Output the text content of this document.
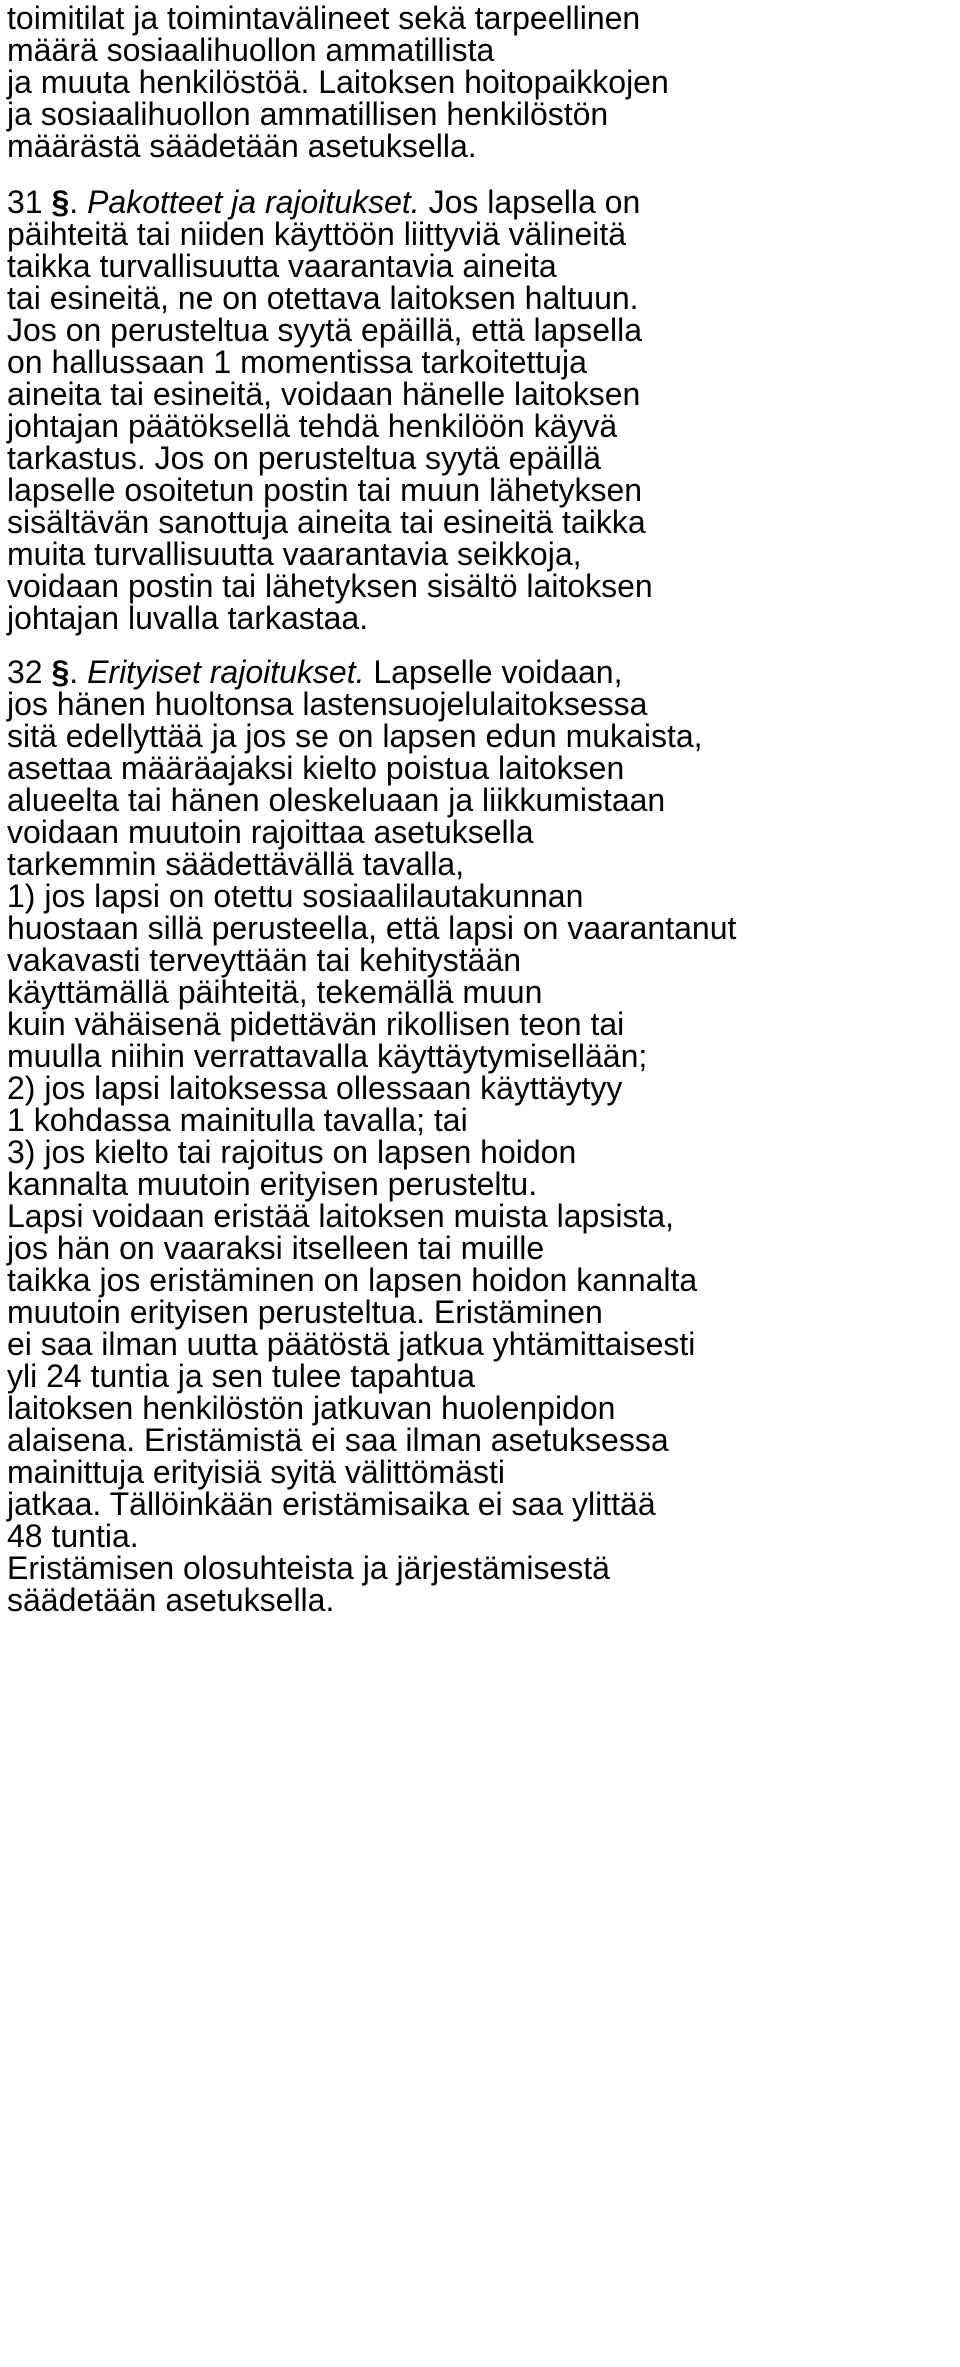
toimitilat ja toimintavälineet sekä tarpeellinen
määrä sosiaalihuollon ammatillista
ja muuta henkilöstöä. Laitoksen hoitopaikkojen
ja sosiaalihuollon ammatillisen henkilöstön
määrästä säädetään asetuksella.
31 §. Pakotteet ja rajoitukset. Jos lapsella on
päihteitä tai niiden käyttöön liittyviä välineitä
taikka turvallisuutta vaarantavia aineita
tai esineitä, ne on otettava laitoksen haltuun.
Jos on perusteltua syytä epäillä, että lapsella
on hallussaan 1 momentissa tarkoitettuja
aineita tai esineitä, voidaan hänelle laitoksen
johtajan päätöksellä tehdä henkilöön käyvä
tarkastus. Jos on perusteltua syytä epäillä
lapselle osoitetun postin tai muun lähetyksen
sisältävän sanottuja aineita tai esineitä taikka
muita turvallisuutta vaarantavia seikkoja,
voidaan postin tai lähetyksen sisältö laitoksen
johtajan luvalla tarkastaa.
32 §. Erityiset rajoitukset. Lapselle voidaan,
jos hänen huoltonsa lastensuojelulaitoksessa
sitä edellyttää ja jos se on lapsen edun mukaista,
asettaa määräajaksi kielto poistua laitoksen
alueelta tai hänen oleskeluaan ja liikkumistaan
voidaan muutoin rajoittaa asetuksella
tarkemmin säädettävällä tavalla,
1) jos lapsi on otettu sosiaalilautakunnan
huostaan sillä perusteella, että lapsi on vaarantanut
vakavasti terveyttään tai kehitystään
käyttämällä päihteitä, tekemällä muun
kuin vähäisenä pidettävän rikollisen teon tai
muulla niihin verrattavalla käyttäytymisellään;
2) jos lapsi laitoksessa ollessaan käyttäytyy
1 kohdassa mainitulla tavalla; tai
3) jos kielto tai rajoitus on lapsen hoidon
kannalta muutoin erityisen perusteltu.
Lapsi voidaan eristää laitoksen muista lapsista,
jos hän on vaaraksi itselleen tai muille
taikka jos eristäminen on lapsen hoidon kannalta
muutoin erityisen perusteltua. Eristäminen
ei saa ilman uutta päätöstä jatkua yhtämittaisesti
yli 24 tuntia ja sen tulee tapahtua
laitoksen henkilöstön jatkuvan huolenpidon
alaisena. Eristämistä ei saa ilman asetuksessa
mainittuja erityisiä syitä välittömästi
jatkaa. Tällöinkään eristämisaika ei saa ylittää
48 tuntia.
Eristämisen olosuhteista ja järjestämisestä
säädetään asetuksella.
